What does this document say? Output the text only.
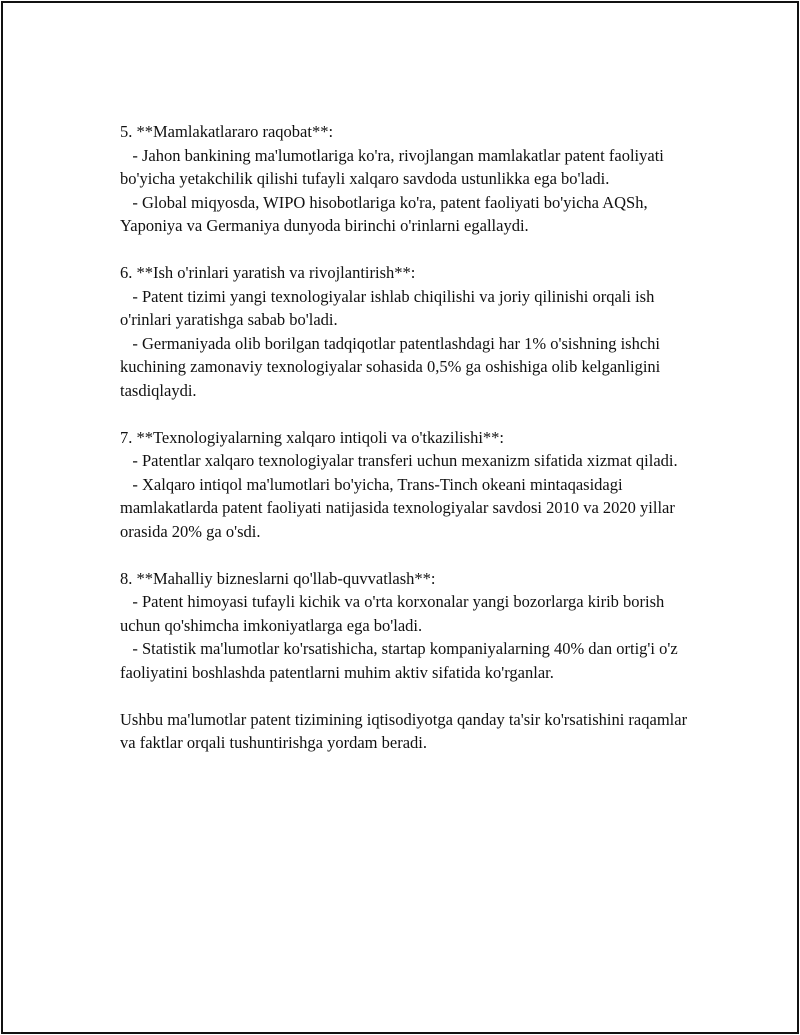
5. **Mamlakatlararo raqobat**:

- Jahon bankining ma'lumotlariga ko'ra, rivojlangan mamlakatlar patent faoliyati bo'yicha yetakchilik qilishi tufayli xalqaro savdoda ustunlikka ega bo'ladi.

- Global miqyosda, WIPO hisobotlariga ko'ra, patent faoliyati bo'yicha AQSh, Yaponiya va Germaniya dunyoda birinchi o'rinlarni egallaydi.

6. **Ish o'rinlari yaratish va rivojlantirish**:

- Patent tizimi yangi texnologiyalar ishlab chiqilishi va joriy qilinishi orqali ish o'rinlari yaratishga sabab bo'ladi.

- Germaniyada olib borilgan tadqiqotlar patentlashdagi har 1% o'sishning ishchi kuchining zamonaviy texnologiyalar sohasida 0,5% ga oshishiga olib kelganligini tasdiqlaydi.

7. **Texnologiyalarning xalqaro intiqoli va o'tkazilishi**:

- Patentlar xalqaro texnologiyalar transferi uchun mexanizm sifatida xizmat qiladi.

- Xalqaro intiqol ma'lumotlari bo'yicha, Trans-Tinch okeani mintaqasidagi mamlakatlarda patent faoliyati natijasida texnologiyalar savdosi 2010 va 2020 yillar orasida 20% ga o'sdi.

8. **Mahalliy bizneslarni qo'llab-quvvatlash**:

- Patent himoyasi tufayli kichik va o'rta korxonalar yangi bozorlarga kirib borish uchun qo'shimcha imkoniyatlarga ega bo'ladi.

- Statistik ma'lumotlar ko'rsatishicha, startap kompaniyalarning 40% dan ortig'i o'z faoliyatini boshlashda patentlarni muhim aktiv sifatida ko'rganlar.

Ushbu ma'lumotlar patent tizimining iqtisodiyotga qanday ta'sir ko'rsatishini raqamlar va faktlar orqali tushuntirishga yordam beradi.
